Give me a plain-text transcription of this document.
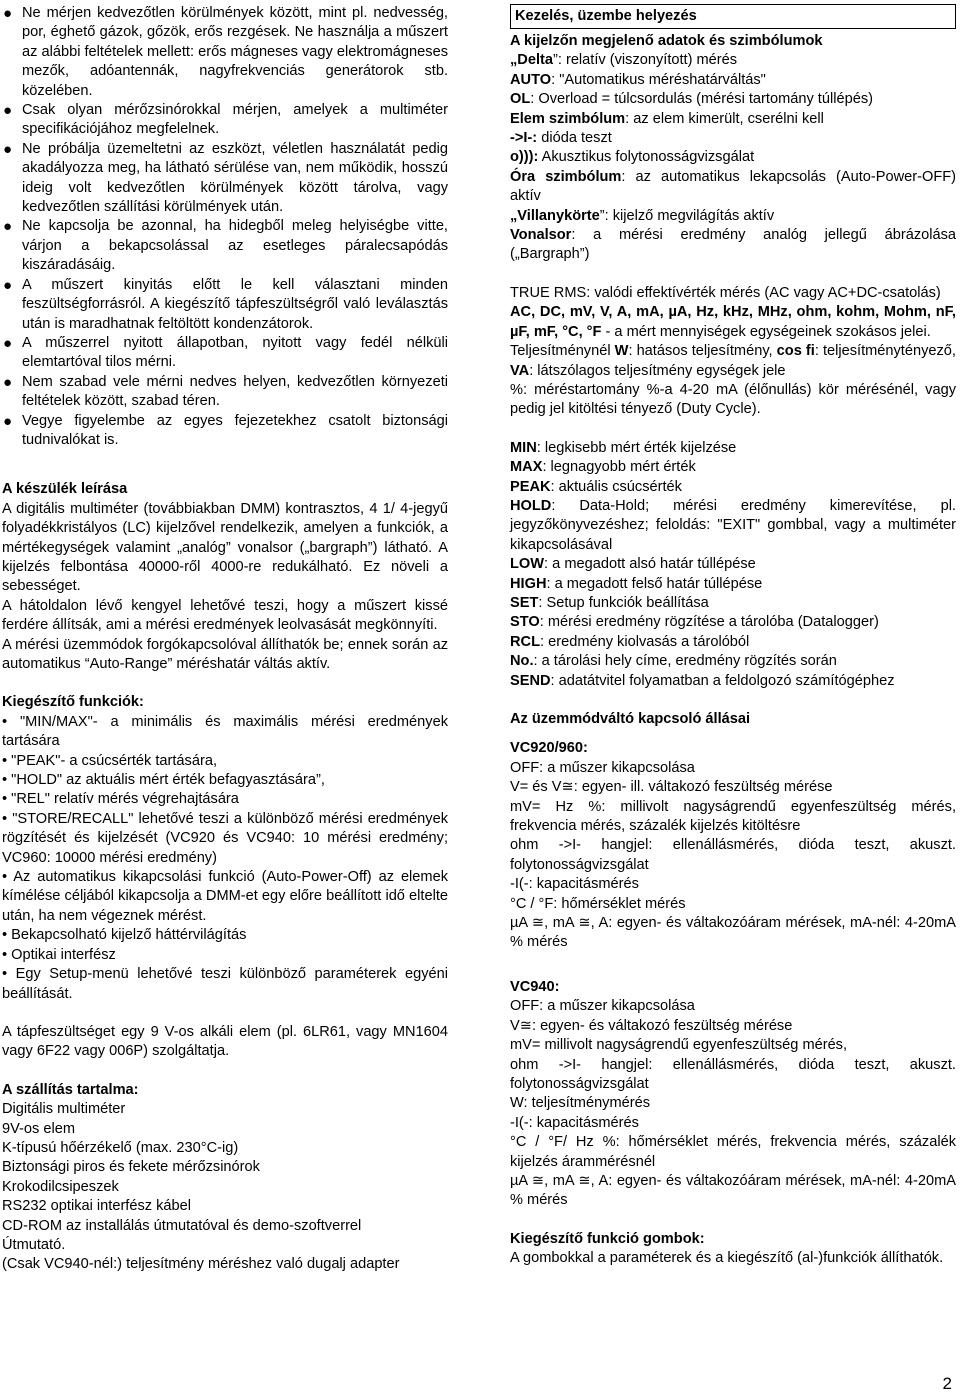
● Ne mérjen kedvezőtlen körülmények között, mint pl. nedvesség, por, éghető gázok, gőzök, erős rezgések. Ne használja a műszert az alábbi feltételek mellett: erős mágneses vagy elektromágneses mezők, adóantennák, nagyfrekvenciás generátorok stb. közelében.
● Csak olyan mérőzsinórokkal mérjen, amelyek a multiméter specifikációjához megfelelnek.
● Ne próbálja üzemeltetni az eszközt, véletlen használatát pedig akadályozza meg, ha látható sérülése van, nem működik, hosszú ideig volt kedvezőtlen körülmények között tárolva, vagy kedvezőtlen szállítási körülmények után.
● Ne kapcsolja be azonnal, ha hidegből meleg helyiségbe vitte, várjon a bekapcsolással az esetleges páralecsapódás kiszáradásáig.
● A műszert kinyitás előtt le kell választani minden feszültségforrásról. A kiegészítő tápfeszültségről való leválasztás után is maradhatnak feltöltött kondenzátorok.
● A műszerrel nyitott állapotban, nyitott vagy fedél nélküli elemtartóval tilos mérni.
● Nem szabad vele mérni nedves helyen, kedvezőtlen környezeti feltételek között, szabad téren.
● Vegye figyelembe az egyes fejezetekhez csatolt biztonsági tudnivalókat is.

A készülék leírása

A digitális multiméter (továbbiakban DMM) kontrasztos, 4 1/ 4-jegyű folyadékkristályos (LC) kijelzővel rendelkezik, amelyen a funkciók, a mértékegységek valamint „analóg” vonalsor („bargraph”) látható. A kijelzés felbontása 40000-ről 4000-re redukálható. Ez növeli a sebességet.

A hátoldalon lévő kengyel lehetővé teszi, hogy a műszert kissé ferdére állítsák, ami a mérési eredmények leolvasását megkönnyíti.

A mérési üzemmódok forgókapcsolóval állíthatók be; ennek során az automatikus “Auto-Range” méréshatár váltás aktív.

Kiegészítő funkciók:

• "MIN/MAX"- a minimális és maximális mérési eredmények tartására

• "PEAK"- a csúcsérték tartására,

• "HOLD" az aktuális mért érték befagyasztására”,

• "REL" relatív mérés végrehajtására

• "STORE/RECALL" lehetővé teszi a különböző mérési eredmények rögzítését és kijelzését (VC920 és VC940: 10 mérési eredmény; VC960: 10000 mérési eredmény)

• Az automatikus kikapcsolási funkció (Auto-Power-Off) az elemek kímélése céljából kikapcsolja a DMM-et egy előre beállított idő eltelte után, ha nem végeznek mérést.

• Bekapcsolható kijelző háttérvilágítás

• Optikai interfész

• Egy Setup-menü lehetővé teszi különböző paraméterek egyéni beállítását.

A tápfeszültséget egy 9 V-os alkáli elem (pl. 6LR61, vagy MN1604 vagy 6F22 vagy 006P) szolgáltatja.

A szállítás tartalma:

Digitális multiméter

9V-os elem

K-típusú hőérzékelő (max. 230°C-ig)

Biztonsági piros és fekete mérőzsinórok

Krokodilcsipeszek

RS232 optikai interfész kábel

CD-ROM az installálás útmutatóval és demo-szoftverrel

Útmutató.

(Csak VC940-nél:) teljesítmény méréshez való dugalj adapter

Kezelés, üzembe helyezés

A kijelzőn megjelenő adatok és szimbólumok

„Delta”: relatív (viszonyított) mérés

AUTO: "Automatikus méréshatárváltás"

OL: Overload = túlcsordulás (mérési tartomány túllépés)

Elem szimbólum: az elem kimerült, cserélni kell

->I-: dióda teszt

o))): Akusztikus folytonosságvizsgálat

Óra szimbólum: az automatikus lekapcsolás (Auto-Power-OFF) aktív

„Villanykörte”: kijelző megvilágítás aktív

Vonalsor: a mérési eredmény analóg jellegű ábrázolása („Bargraph”)

TRUE RMS: valódi effektívérték mérés (AC vagy AC+DC-csatolás)

AC, DC, mV, V, A, mA, µA, Hz, kHz, MHz, ohm, kohm, Mohm, nF, µF, mF, °C, °F - a mért mennyiségek egységeinek szokásos jelei.

Teljesítménynél W: hatásos teljesítmény, cos fi: teljesítménytényező, VA: látszólagos teljesítmény egységek jele

%: méréstartomány %-a 4-20 mA (élőnullás) kör mérésénél, vagy pedig jel kitöltési tényező (Duty Cycle).

MIN: legkisebb mért érték kijelzése

MAX: legnagyobb mért érték

PEAK: aktuális csúcsérték

HOLD: Data-Hold; mérési eredmény kimerevítése, pl. jegyzőkönyvezéshez; feloldás: "EXIT" gombbal, vagy a multiméter kikapcsolásával

LOW: a megadott alsó határ túllépése

HIGH: a megadott felső határ túllépése

SET: Setup funkciók beállítása

STO: mérési eredmény rögzítése a tárolóba (Datalogger)

RCL: eredmény kiolvasás a tárolóból

No.: a tárolási hely címe, eredmény rögzítés során

SEND: adatátvitel folyamatban a feldolgozó számítógéphez

Az üzemmódváltó kapcsoló állásai

VC920/960:

OFF: a műszer kikapcsolása

V= és V≅: egyen- ill. váltakozó feszültség mérése

mV= Hz %: millivolt nagyságrendű egyenfeszültség mérés, frekvencia mérés, százalék kijelzés kitöltésre

ohm ->I- hangjel: ellenállásmérés, dióda teszt, akuszt. folytonosságvizsgálat

-I(-: kapacitásmérés

°C / °F: hőmérséklet mérés

µA ≅, mA ≅, A: egyen- és váltakozóáram mérések, mA-nél: 4-20mA % mérés

VC940:

OFF: a műszer kikapcsolása

V≅: egyen- és váltakozó feszültség mérése

mV= millivolt nagyságrendű egyenfeszültség mérés,

ohm ->I- hangjel: ellenállásmérés, dióda teszt, akuszt. folytonosságvizsgálat

W: teljesítménymérés

-I(-: kapacitásmérés

°C / °F/ Hz %: hőmérséklet mérés, frekvencia mérés, százalék kijelzés árammérésnél

µA ≅, mA ≅, A: egyen- és váltakozóáram mérések, mA-nél: 4-20mA % mérés

Kiegészítő funkció gombok:

A gombokkal a paraméterek és a kiegészítő (al-)funkciók állíthatók.

2
